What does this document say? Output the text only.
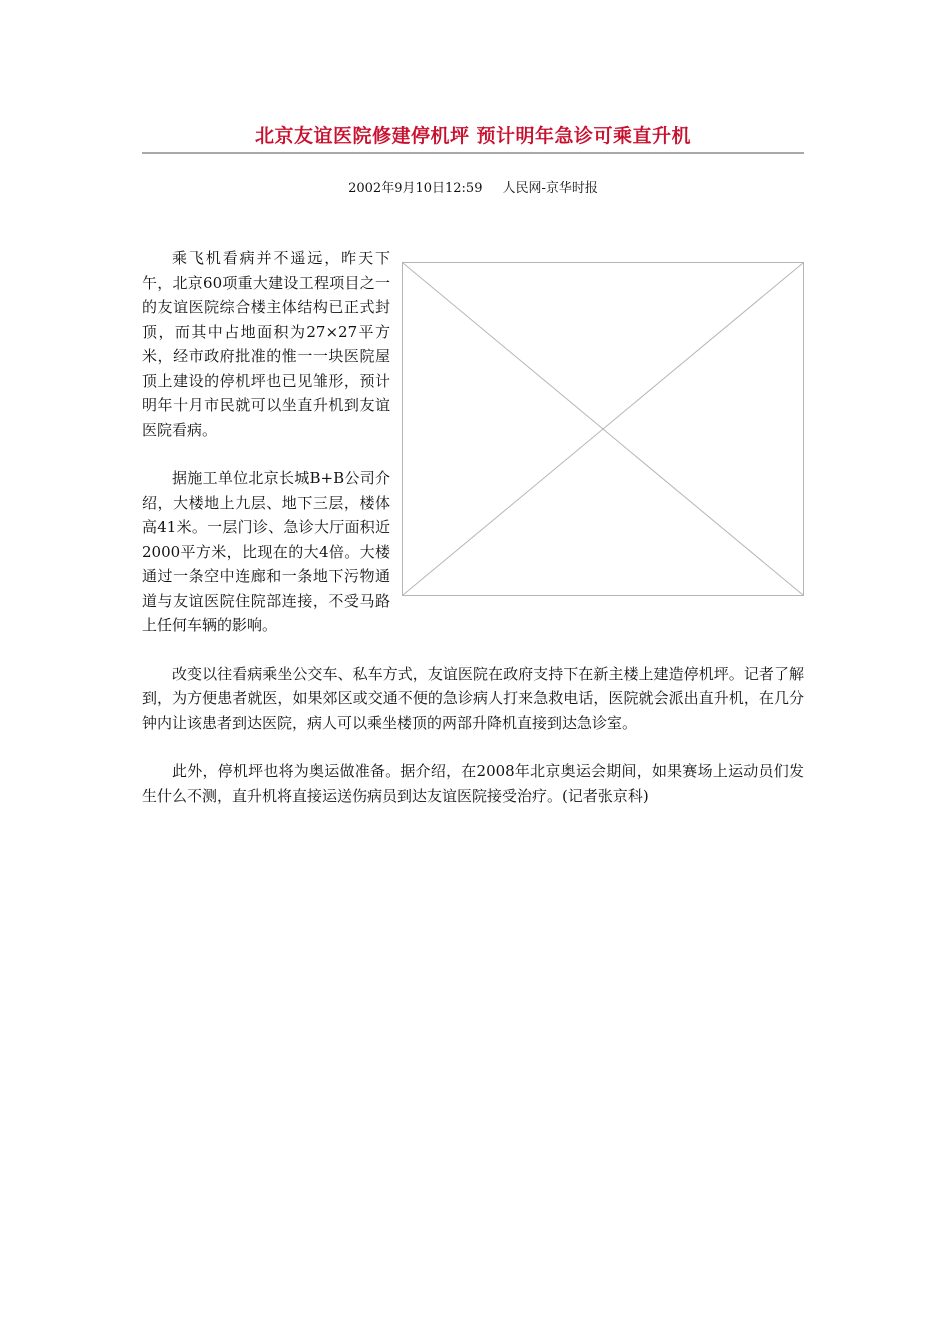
北京友谊医院修建停机坪 预计明年急诊可乘直升机
2002年9月10日12:59 人民网-京华时报

乘飞机看病并不遥远，昨天下午，北京60项重大建设工程项目之一的友谊医院综合楼主体结构已正式封顶，而其中占地面积为27×27平方米，经市政府批准的惟一一块医院屋顶上建设的停机坪也已见雏形，预计明年十月市民就可以坐直升机到友谊医院看病。

据施工单位北京长城B+B公司介绍，大楼地上九层、地下三层，楼体高41米。一层门诊、急诊大厅面积近2000平方米，比现在的大4倍。大楼通过一条空中连廊和一条地下污物通道与友谊医院住院部连接，不受马路上任何车辆的影响。

改变以往看病乘坐公交车、私车方式，友谊医院在政府支持下在新主楼上建造停机坪。记者了解到，为方便患者就医，如果郊区或交通不便的急诊病人打来急救电话，医院就会派出直升机，在几分钟内让该患者到达医院，病人可以乘坐楼顶的两部升降机直接到达急诊室。

此外，停机坪也将为奥运做准备。据介绍，在2008年北京奥运会期间，如果赛场上运动员们发生什么不测，直升机将直接运送伤病员到达友谊医院接受治疗。(记者张京科)
